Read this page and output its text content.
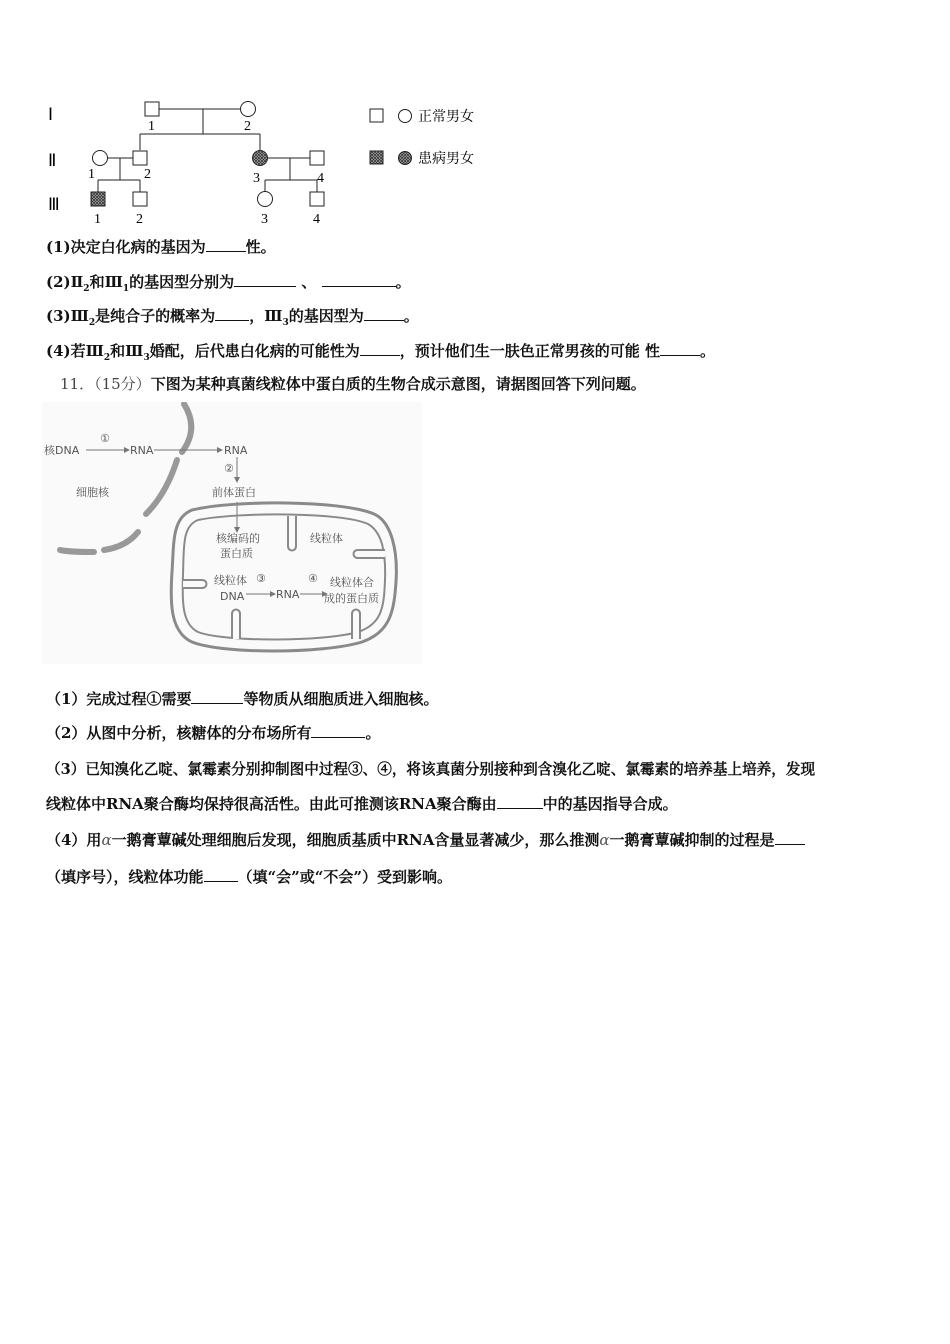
Ⅰ
Ⅱ
Ⅲ
1	2
1	2	3	4
1	2	3	4
正常男女
患病男女
(1)决定白化病的基因为	性。
$(2)Ⅱ_2$和$Ⅲ_1$的基因型分别为	、	。
$(3)Ⅲ_2$是纯合子的概率为 ，$Ⅲ_3$的基因型为	。
(4)若$Ⅲ_2$和$Ⅲ_3$婚配，后代患白化病的可能性为	，预计他们生一肤色正常男孩的可能 性	。
11．（15分）下图为某种真菌线粒体中蛋白质的生物合成示意图，请据图回答下列问题。
核DNA
①
RNA	RNA
②
细胞核	前体蛋白
核编码的
蛋白质
线粒体
线粒体
DNA
③
RNA
④ 线粒体合
成的蛋白质
（1）完成过程①需要	等物质从细胞质进入细胞核。
（2）从图中分析，核糖体的分布场所有	。
（3）已知溴化乙啶、氯霉素分别抑制图中过程③、④，将该真菌分别接种到含溴化乙啶、氯霉素的培养基上培养，发现
线粒体中RNA聚合酶均保持很高活性。由此可推测该RNA聚合酶由	中的基因指导合成。
（4）用α一鹅膏蕈碱处理细胞后发现，细胞质基质中RNA含量显著减少，那么推测α一鹅膏蕈碱抑制的过程是
（填序号），线粒体功能 （填“会”或“不会”）受到影响。
